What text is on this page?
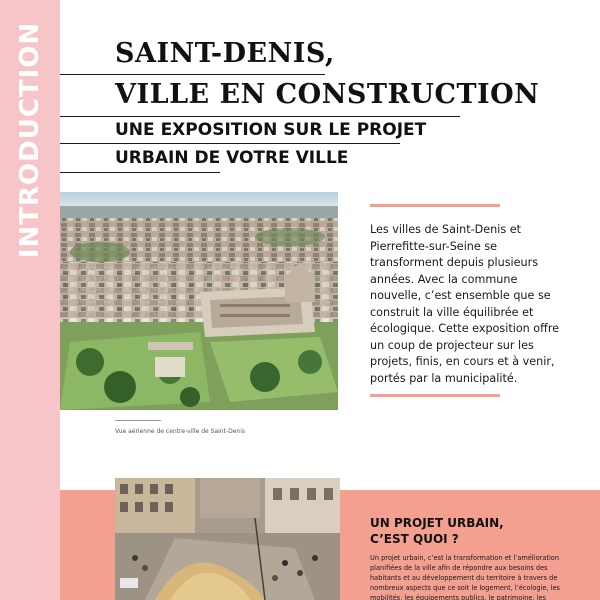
INTRODUCTION	SAINT-DENIS,
VILLE EN CONSTRUCTION
UNE EXPOSITION SUR LE PROJET
URBAIN DE VOTRE VILLE
Vue aérienne de centre-ville de Saint-Denis
Les villes de Saint-Denis et Pierrefitte-sur-Seine se transforment depuis plusieurs années. Avec la commune nouvelle, c’est ensemble que se construit la ville équilibrée et écologique. Cette exposition offre un coup de projecteur sur les projets, finis, en cours et à venir, portés par la municipalité.
UN PROJET URBAIN,
C’EST QUOI ?
Un projet urbain, c’est la transformation et l’amélioration planifiées de la ville afin de répondre aux besoins des habitants et au développement du territoire à travers de nombreux aspects que ce soit le logement, l’écologie, les mobilités, les équipements publics, le patrimoine, les
